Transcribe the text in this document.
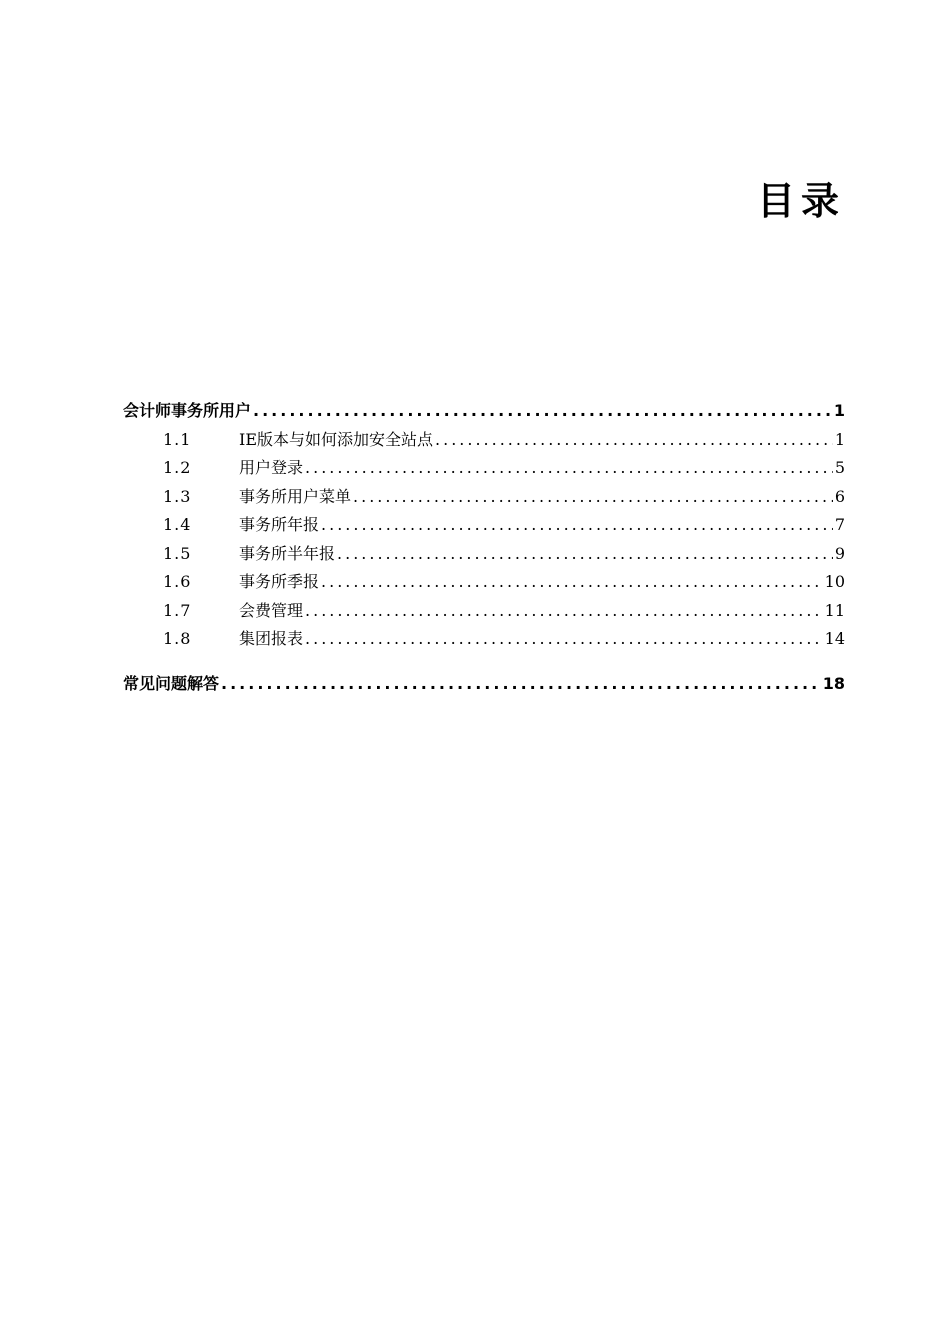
目录
会计师事务所用户 .....	1
1.1	IE版本与如何添加安全站点 .....	1
1.2	用户登录 .....	5
1.3	事务所用户菜单 .....	6
1.4	事务所年报 .....	7
1.5	事务所半年报 .....	9
1.6	事务所季报 .....	10
1.7	会费管理 .....	11
1.8	集团报表 .....	14
常见问题解答 .....	18
